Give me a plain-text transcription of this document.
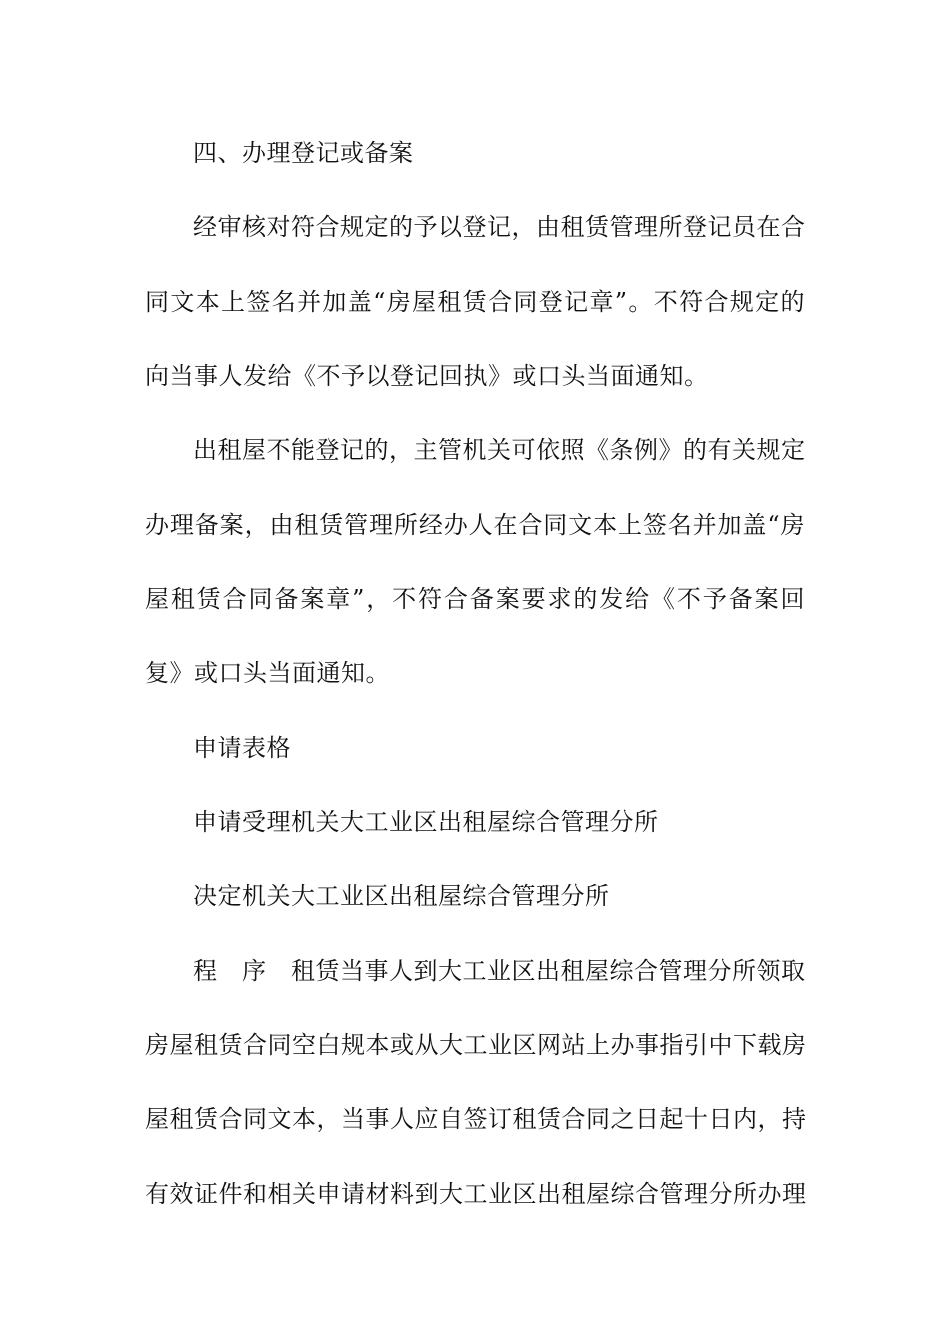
四、办理登记或备案
经审核对符合规定的予以登记，由租赁管理所登记员在合
同文本上签名并加盖“房屋租赁合同登记章”。不符合规定的
向当事人发给《不予以登记回执》或口头当面通知。
出租屋不能登记的，主管机关可依照《条例》的有关规定
办理备案，由租赁管理所经办人在合同文本上签名并加盖“房
屋租赁合同备案章”，不符合备案要求的发给《不予备案回
复》或口头当面通知。
申请表格
申请受理机关大工业区出租屋综合管理分所
决定机关大工业区出租屋综合管理分所
程　序　租赁当事人到大工业区出租屋综合管理分所领取
房屋租赁合同空白规本或从大工业区网站上办事指引中下载房
屋租赁合同文本，当事人应自签订租赁合同之日起十日内，持
有效证件和相关申请材料到大工业区出租屋综合管理分所办理
